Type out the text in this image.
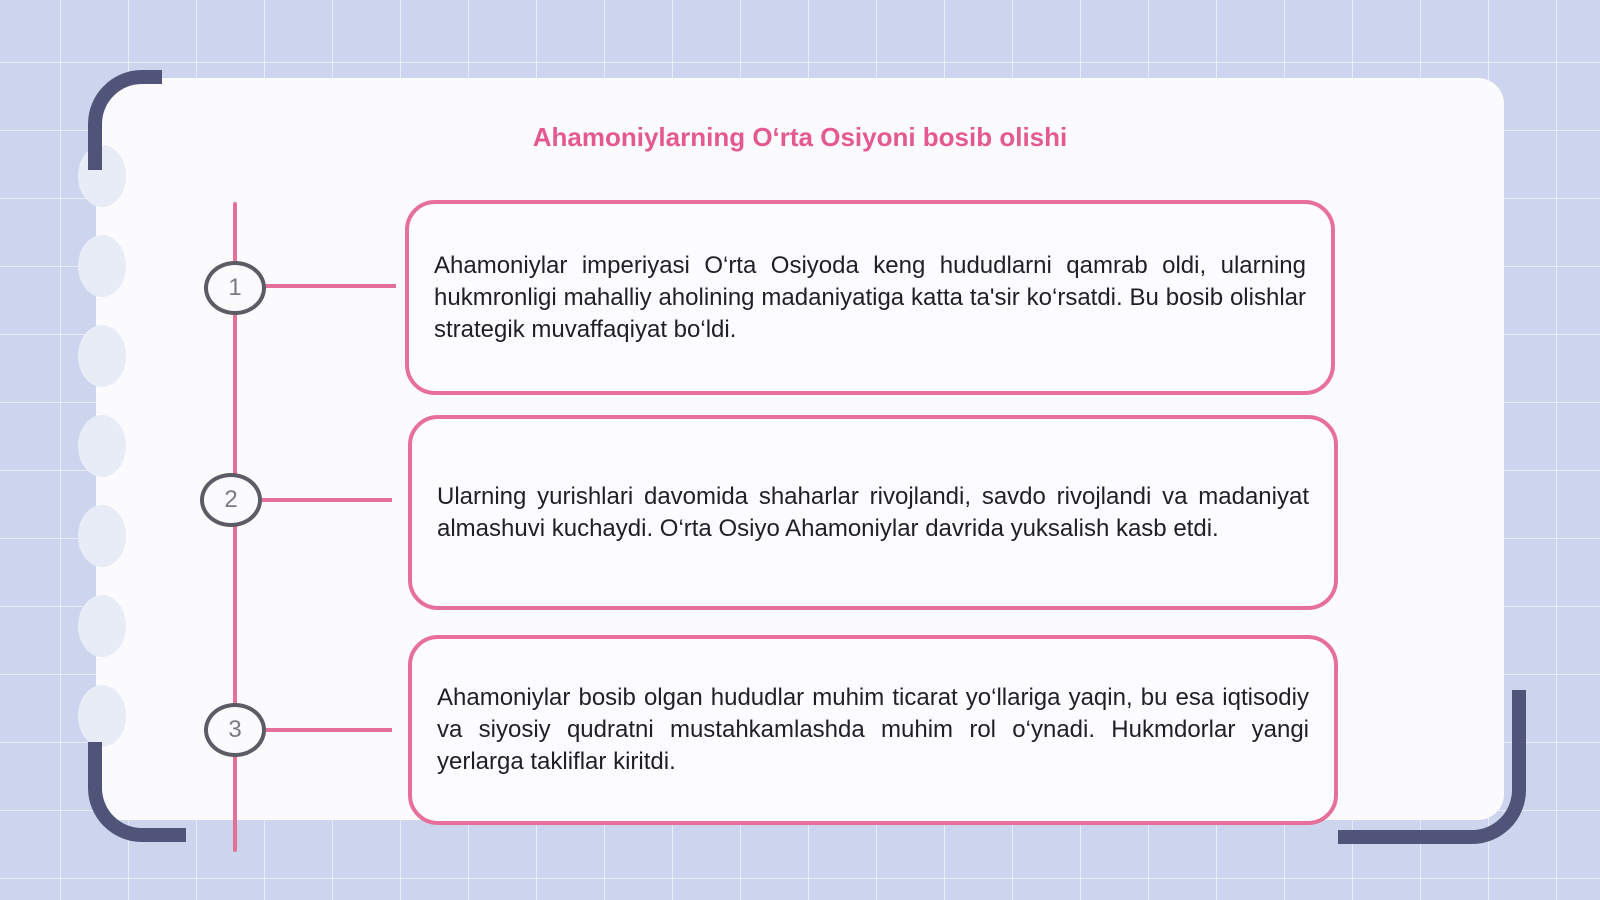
Ahamoniylarning O‘rta Osiyoni bosib olishi
1
2
3
Ahamoniylar imperiyasi O‘rta Osiyoda keng hududlarni qamrab oldi, ularning hukmronligi mahalliy aholining madaniyatiga katta ta'sir ko‘rsatdi. Bu bosib olishlar strategik muvaffaqiyat bo‘ldi.
Ularning yurishlari davomida shaharlar rivojlandi, savdo rivojlandi va madaniyat almashuvi kuchaydi. O‘rta Osiyo Ahamoniylar davrida yuksalish kasb etdi.
Ahamoniylar bosib olgan hududlar muhim ticarat yo‘llariga yaqin, bu esa iqtisodiy va siyosiy qudratni mustahkamlashda muhim rol o‘ynadi. Hukmdorlar yangi yerlarga takliflar kiritdi.
